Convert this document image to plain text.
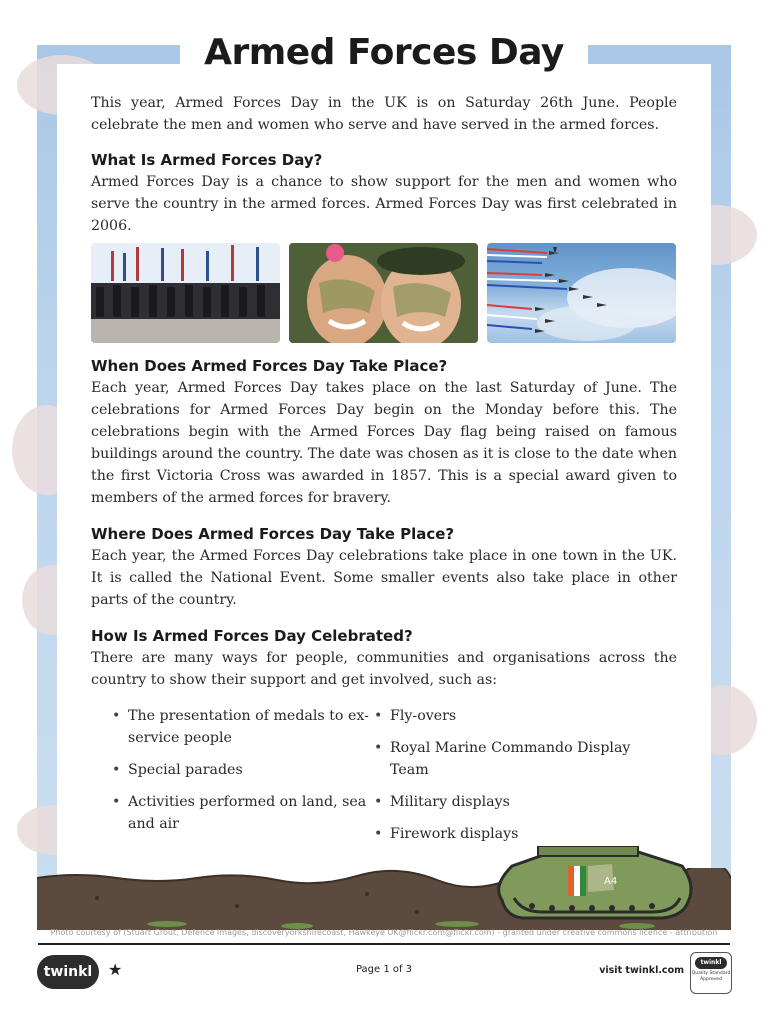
Armed Forces Day

This year, Armed Forces Day in the UK is on Saturday 26th June. People celebrate the men and women who serve and have served in the armed forces.

What Is Armed Forces Day?

Armed Forces Day is a chance to show support for the men and women who serve the country in the armed forces. Armed Forces Day was first celebrated in 2006.

When Does Armed Forces Day Take Place?

Each year, Armed Forces Day takes place on the last Saturday of June. The celebrations for Armed Forces Day begin on the Monday before this. The celebrations begin with the Armed Forces Day flag being raised on famous buildings around the country. The date was chosen as it is close to the date when the first Victoria Cross was awarded in 1857. This is a special award given to members of the armed forces for bravery.

Where Does Armed Forces Day Take Place?

Each year, the Armed Forces Day celebrations take place in one town in the UK. It is called the National Event. Some smaller events also take place in other parts of the country.

How Is Armed Forces Day Celebrated?

There are many ways for people, communities and organisations across the country to show their support and get involved, such as:

• The presentation of medals to ex-service people
• Special parades
• Activities performed on land, sea and air
• Fly-overs
• Royal Marine Commando Display Team
• Military displays
• Firework displays
A4
Photo courtesy of (Stuart Grout, Defence Images, discoveryorkshirecoast, Hawkeye UK@flickr.com@flickr.com) - granted under creative commons licence - attribution
twinkl ★	Page 1 of 3	visit twinkl.com
twinkl
Quality Standard Approved
